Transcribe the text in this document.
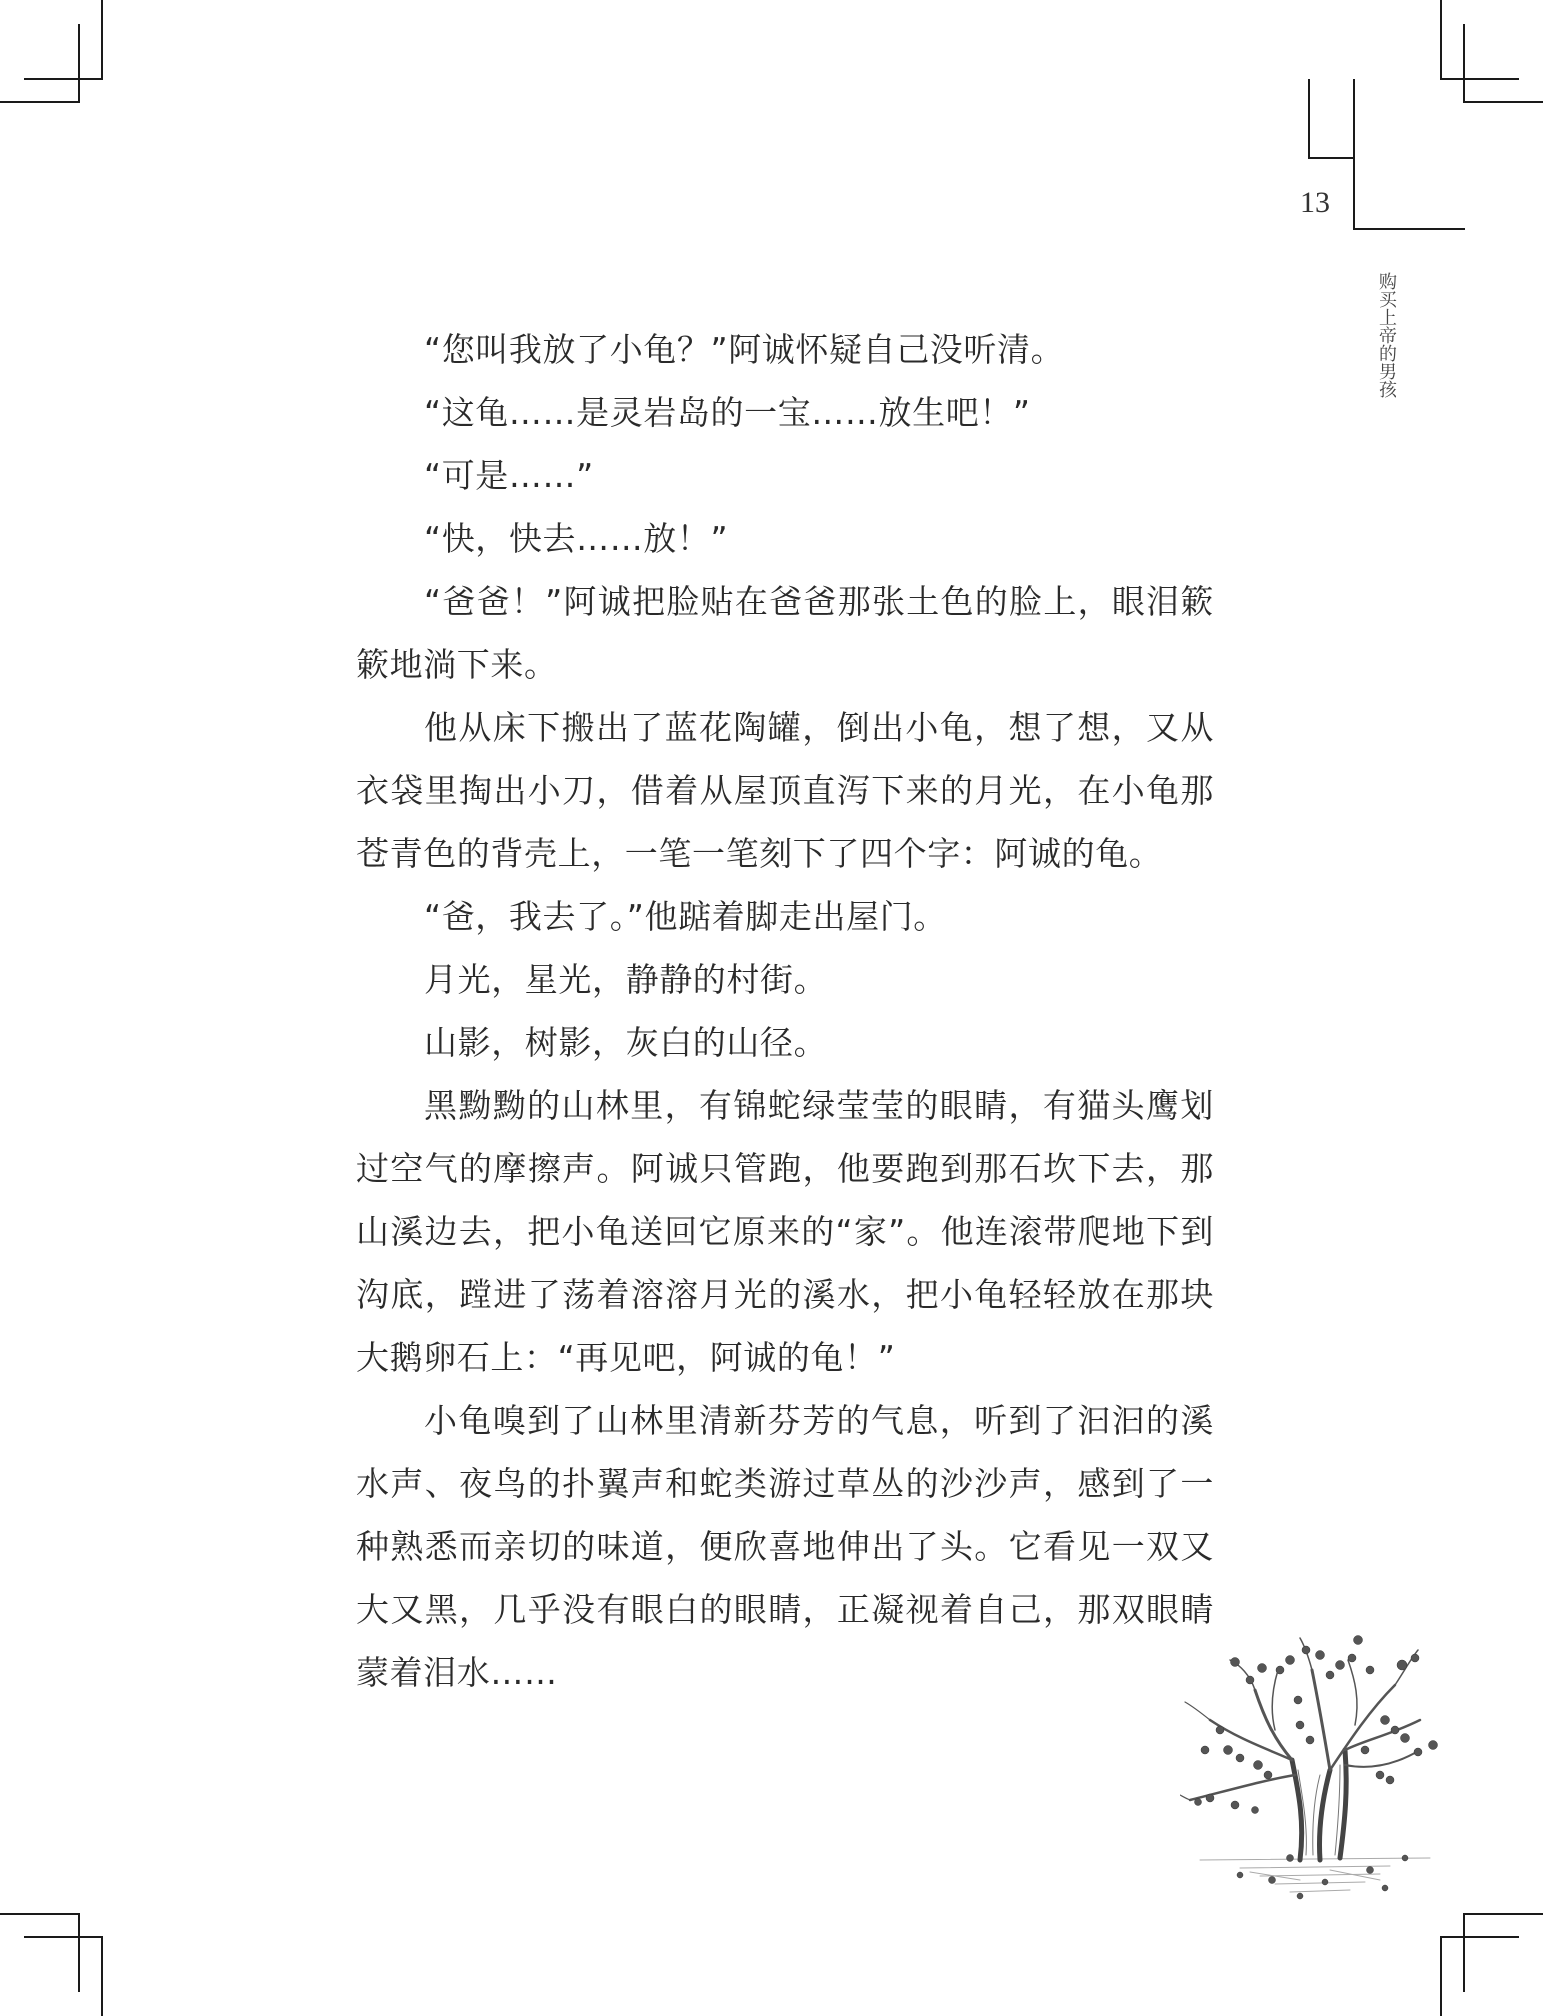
13
购买上帝的男孩

“您叫我放了小龟？”阿诚怀疑自己没听清。

“这龟……是灵岩岛的一宝……放生吧！”

“可是……”

“快，快去……放！”

“爸爸！”阿诚把脸贴在爸爸那张土色的脸上，眼泪簌簌地淌下来。

他从床下搬出了蓝花陶罐，倒出小龟，想了想，又从衣袋里掏出小刀，借着从屋顶直泻下来的月光，在小龟那苍青色的背壳上，一笔一笔刻下了四个字：阿诚的龟。

“爸，我去了。”他踮着脚走出屋门。

月光，星光，静静的村街。

山影，树影，灰白的山径。

黑黝黝的山林里，有锦蛇绿莹莹的眼睛，有猫头鹰划过空气的摩擦声。阿诚只管跑，他要跑到那石坎下去，那山溪边去，把小龟送回它原来的“家”。他连滚带爬地下到沟底，蹚进了荡着溶溶月光的溪水，把小龟轻轻放在那块大鹅卵石上：“再见吧，阿诚的龟！”

小龟嗅到了山林里清新芬芳的气息，听到了汩汩的溪水声、夜鸟的扑翼声和蛇类游过草丛的沙沙声，感到了一种熟悉而亲切的味道，便欣喜地伸出了头。它看见一双又大又黑，几乎没有眼白的眼睛，正凝视着自己，那双眼睛蒙着泪水……
